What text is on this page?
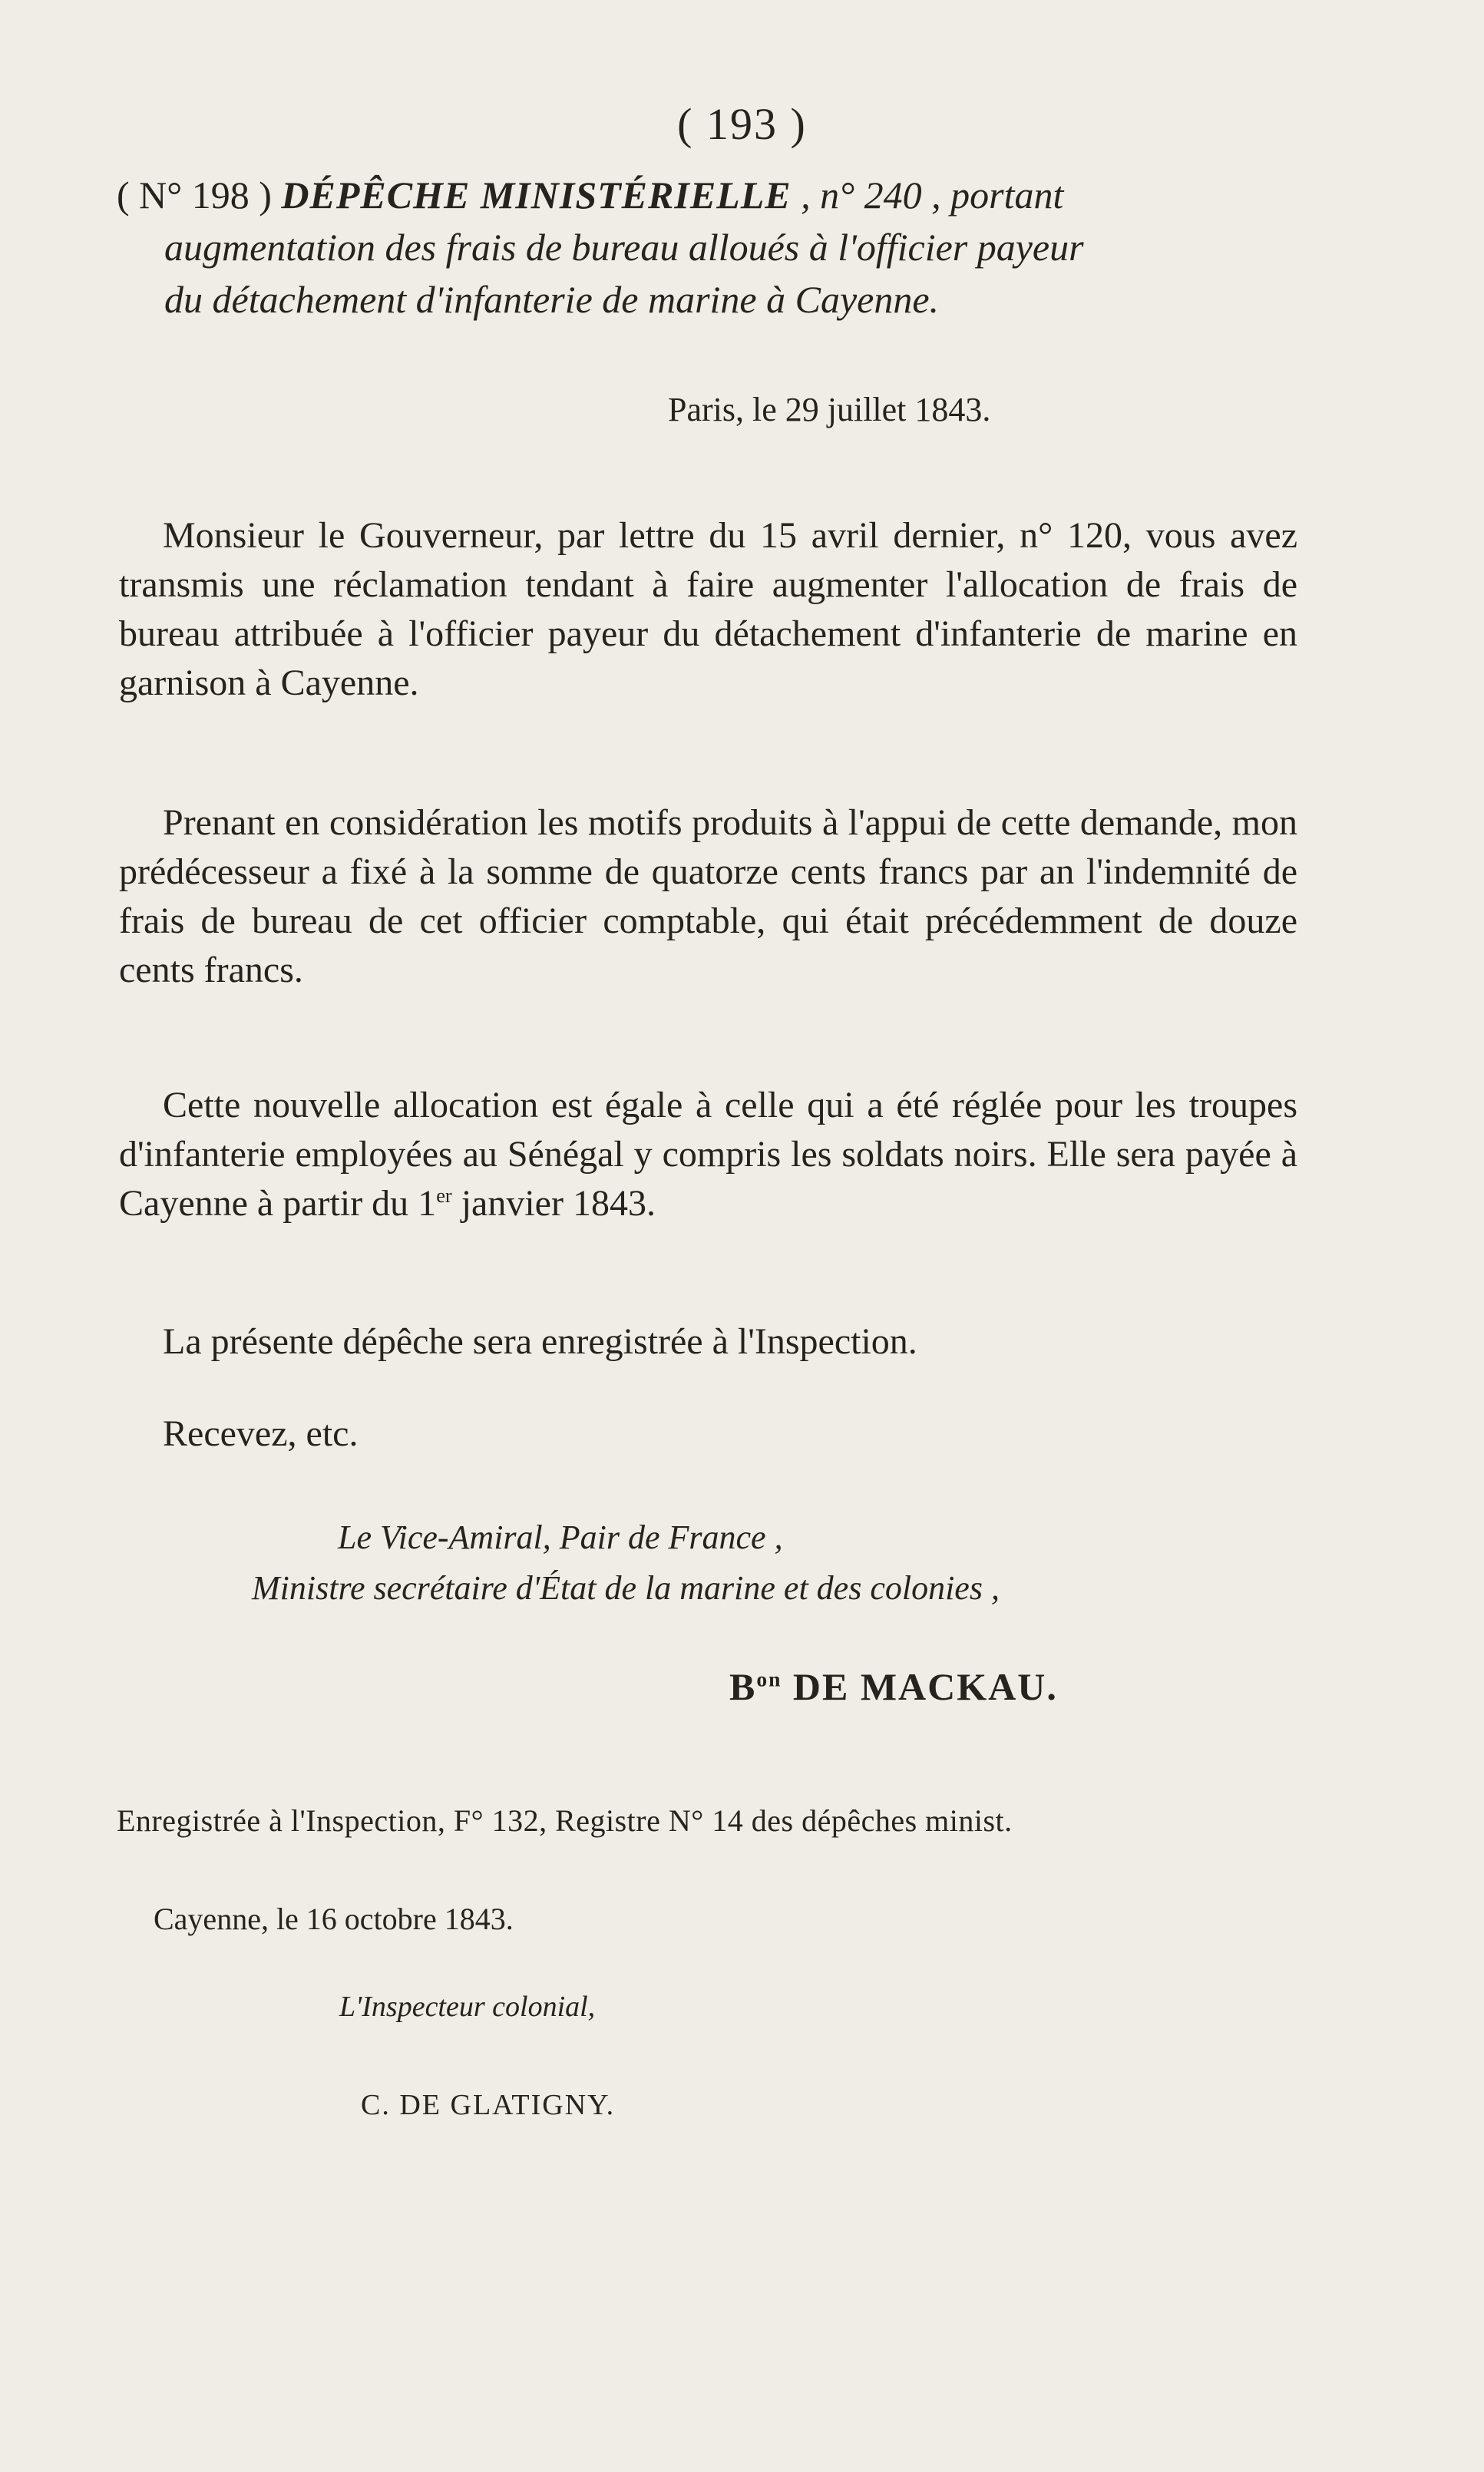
( 193 )
( N° 198 ) DÉPÊCHE MINISTÉRIELLE , n° 240 , portant
augmentation des frais de bureau alloués à l'officier payeur
du détachement d'infanterie de marine à Cayenne.
Paris, le 29 juillet 1843.
Monsieur le Gouverneur, par lettre du 15 avril dernier, n° 120, vous avez transmis une réclamation tendant à faire augmenter l'allocation de frais de bureau attribuée à l'officier payeur du détachement d'infanterie de marine en garnison à Cayenne.
Prenant en considération les motifs produits à l'appui de cette demande, mon prédécesseur a fixé à la somme de quatorze cents francs par an l'indemnité de frais de bureau de cet officier comptable, qui était précédemment de douze cents francs.
Cette nouvelle allocation est égale à celle qui a été réglée pour les troupes d'infanterie employées au Sénégal y compris les soldats noirs. Elle sera payée à Cayenne à partir du 1er janvier 1843.
La présente dépêche sera enregistrée à l'Inspection.
Recevez, etc.
Le Vice-Amiral, Pair de France ,
Ministre secrétaire d'État de la marine et des colonies ,
$B^{on}$ DE MACKAU.
Enregistrée à l'Inspection, F° 132, Registre N° 14 des dépêches minist.
Cayenne, le 16 octobre 1843.
L'Inspecteur colonial,
C. DE GLATIGNY.
